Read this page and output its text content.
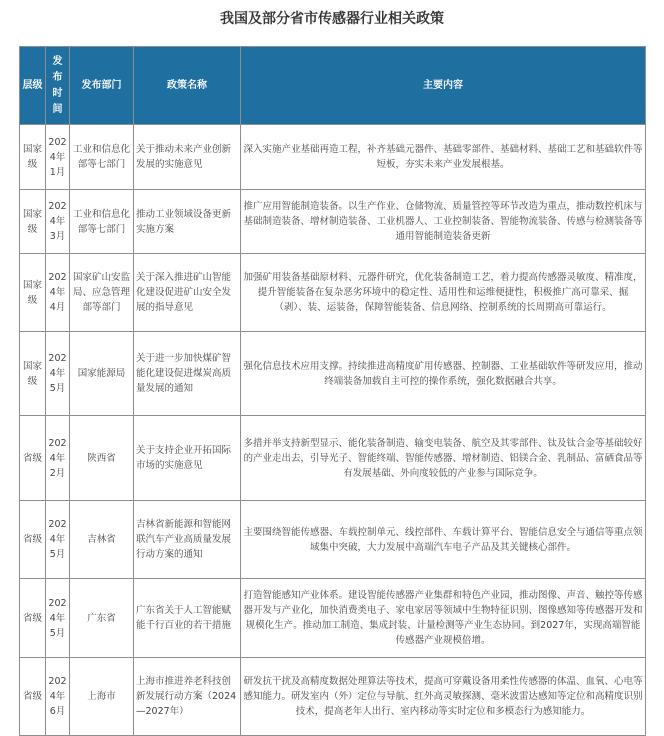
我国及部分省市传感器行业相关政策
层级	发布时间	发布部门	政策名称	主要内容

国家级	2024年1月	工业和信息化部等七部门	关于推动未来产业创新发展的实施意见	深入实施产业基础再造工程，补齐基础元器件、基础零部件、基础材料、基础工艺和基础软件等短板，夯实未来产业发展根基。

国家级	2024年3月	工业和信息化部等七部门	推动工业领域设备更新实施方案	推广应用智能制造装备。以生产作业、仓储物流、质量管控等环节改造为重点，推动数控机床与基础制造装备、增材制造装备、工业机器人、工业控制装备、智能物流装备、传感与检测装备等通用智能制造装备更新

国家级	2024年4月	国家矿山安监局、应急管理部等部门	关于深入推进矿山智能化建设促进矿山安全发展的指导意见	加强矿用装备基础原材料、元器件研究，优化装备制造工艺，着力提高传感器灵敏度、精准度，提升智能装备在复杂恶劣环境中的稳定性、适用性和运维便捷性，积极推广高可靠采、掘（剥）、装、运装备，保障智能装备、信息网络、控制系统的长周期高可靠运行。

国家级	2024年5月	国家能源局	关于进一步加快煤矿智能化建设促进煤炭高质量发展的通知	强化信息技术应用支撑。持续推进高精度矿用传感器、控制器、工业基础软件等研发应用，推动终端装备加载自主可控的操作系统，强化数据融合共享。

省级	2024年2月	陕西省	关于支持企业开拓国际市场的实施意见	多措并举支持新型显示、能化装备制造、输变电装备、航空及其零部件、钛及钛合金等基础较好的产业走出去，引导光子、智能终端、智能传感器、增材制造、铝镁合金、乳制品、富硒食品等有发展基础、外向度较低的产业参与国际竞争。

省级	2024年5月	吉林省	吉林省新能源和智能网联汽车产业高质量发展行动方案的通知	主要围绕智能传感器、车载控制单元、线控部件、车载计算平台、智能信息安全与通信等重点领域集中突破，大力发展中高端汽车电子产品及其关键核心部件。

省级	2024年5月	广东省	广东省关于人工智能赋能千行百业的若干措施	打造智能感知产业体系。建设智能传感器产业集群和特色产业园，推动图像、声音、触控等传感器开发与产业化，加快消费类电子、家电家居等领域中生物特征识别、图像感知等传感器开发和规模化生产。推动加工制造、集成封装、计量检测等产业生态协同。到2027年，实现高端智能传感器产业规模倍增。

省级	2024年6月	上海市	上海市推进养老科技创新发展行动方案（2024—2027年）	研发抗干扰及高精度数据处理算法等技术，提高可穿戴设备用柔性传感器的体温、血氧、心电等感知能力。研发室内（外）定位与导航、红外高灵敏探测、毫米波雷达感知等定位和高精度识别技术，提高老年人出行、室内移动等实时定位和多模态行为感知能力。
